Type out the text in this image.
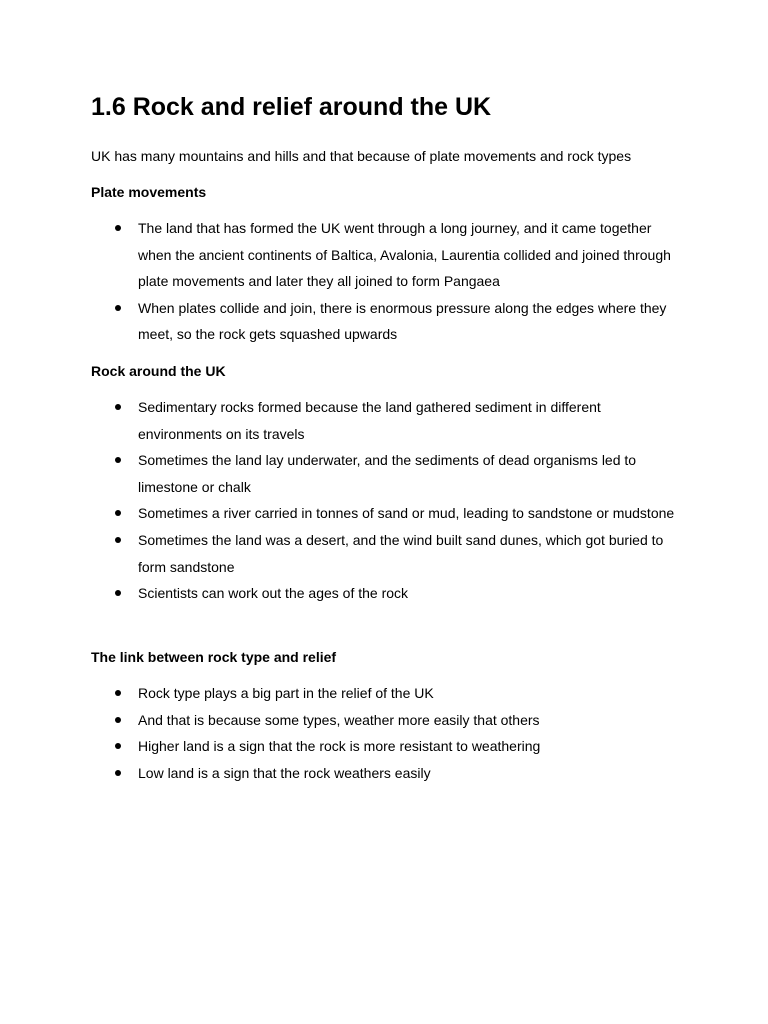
1.6 Rock and relief around the UK

UK has many mountains and hills and that because of plate movements and rock types

Plate movements

The land that has formed the UK went through a long journey, and it came together when the ancient continents of Baltica, Avalonia, Laurentia collided and joined through plate movements and later they all joined to form Pangaea
When plates collide and join, there is enormous pressure along the edges where they meet, so the rock gets squashed upwards

Rock around the UK

Sedimentary rocks formed because the land gathered sediment in different environments on its travels
Sometimes the land lay underwater, and the sediments of dead organisms led to limestone or chalk
Sometimes a river carried in tonnes of sand or mud, leading to sandstone or mudstone
Sometimes the land was a desert, and the wind built sand dunes, which got buried to form sandstone
Scientists can work out the ages of the rock

The link between rock type and relief

Rock type plays a big part in the relief of the UK
And that is because some types, weather more easily that others
Higher land is a sign that the rock is more resistant to weathering
Low land is a sign that the rock weathers easily
